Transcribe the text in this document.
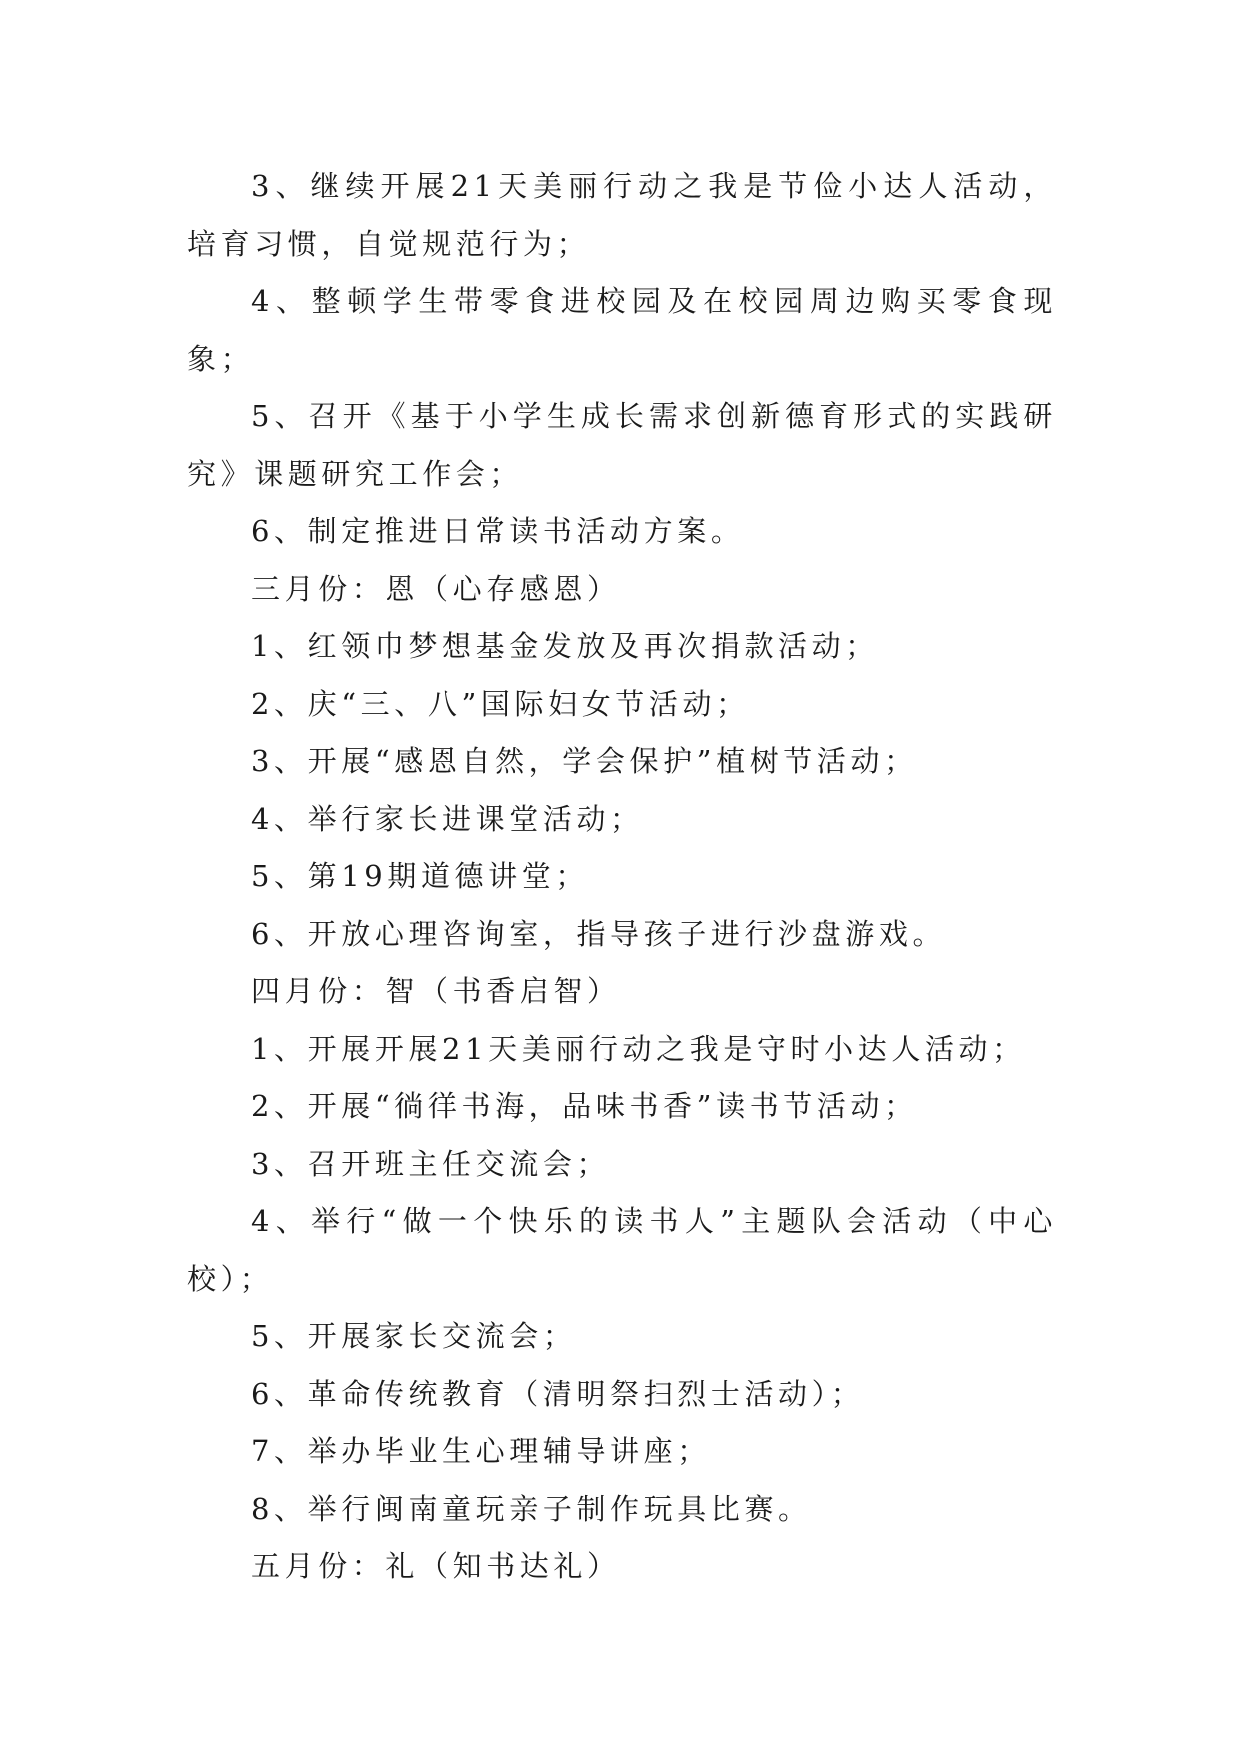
3、继续开展21天美丽行动之我是节俭小达人活动，培育习惯，自觉规范行为；

4、整顿学生带零食进校园及在校园周边购买零食现象；

5、召开《基于小学生成长需求创新德育形式的实践研究》课题研究工作会；

6、制定推进日常读书活动方案。

三月份：恩（心存感恩）

1、红领巾梦想基金发放及再次捐款活动；

2、庆“三、八”国际妇女节活动；

3、开展“感恩自然，学会保护”植树节活动；

4、举行家长进课堂活动；

5、第19期道德讲堂；

6、开放心理咨询室，指导孩子进行沙盘游戏。

四月份：智（书香启智）

1、开展开展21天美丽行动之我是守时小达人活动；

2、开展“徜徉书海，品味书香”读书节活动；

3、召开班主任交流会；

4、举行“做一个快乐的读书人”主题队会活动（中心校）；

5、开展家长交流会；

6、革命传统教育（清明祭扫烈士活动）；

7、举办毕业生心理辅导讲座；

8、举行闽南童玩亲子制作玩具比赛。

五月份：礼（知书达礼）
